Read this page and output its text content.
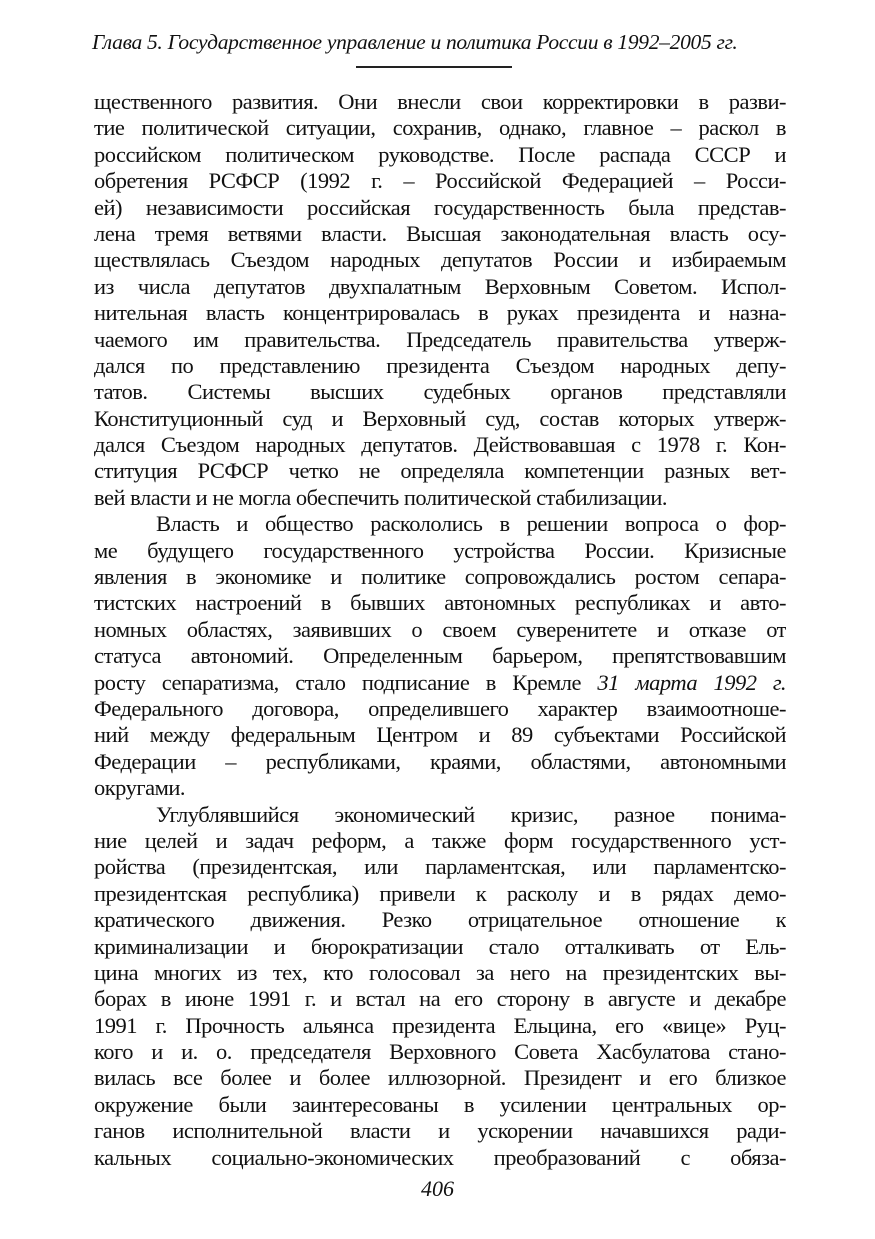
Глава 5. Государственное управление и политика России в 1992–2005 гг.
щественного развития. Они внесли свои корректировки в разви-
тие политической ситуации, сохранив, однако, главное – раскол в
российском политическом руководстве. После распада СССР и
обретения РСФСР (1992 г. – Российской Федерацией – Росси-
ей) независимости российская государственность была представ-
лена тремя ветвями власти. Высшая законодательная власть осу-
ществлялась Съездом народных депутатов России и избираемым
из числа депутатов двухпалатным Верховным Советом. Испол-
нительная власть концентрировалась в руках президента и назна-
чаемого им правительства. Председатель правительства утверж-
дался по представлению президента Съездом народных депу-
татов. Системы высших судебных органов представляли
Конституционный суд и Верховный суд, состав которых утверж-
дался Съездом народных депутатов. Действовавшая с 1978 г. Кон-
ституция РСФСР четко не определяла компетенции разных вет-
вей власти и не могла обеспечить политической стабилизации.
Власть и общество раскололись в решении вопроса о фор-
ме будущего государственного устройства России. Кризисные
явления в экономике и политике сопровождались ростом сепара-
тистских настроений в бывших автономных республиках и авто-
номных областях, заявивших о своем суверенитете и отказе от
статуса автономий. Определенным барьером, препятствовавшим
росту сепаратизма, стало подписание в Кремле 31 марта 1992 г.
Федерального договора, определившего характер взаимоотноше-
ний между федеральным Центром и 89 субъектами Российской
Федерации – республиками, краями, областями, автономными
округами.
Углублявшийся экономический кризис, разное понима-
ние целей и задач реформ, а также форм государственного уст-
ройства (президентская, или парламентская, или парламентско-
президентская республика) привели к расколу и в рядах демо-
кратического движения. Резко отрицательное отношение к
криминализации и бюрократизации стало отталкивать от Ель-
цина многих из тех, кто голосовал за него на президентских вы-
борах в июне 1991 г. и встал на его сторону в августе и декабре
1991 г. Прочность альянса президента Ельцина, его «вице» Руц-
кого и и. о. председателя Верховного Совета Хасбулатова стано-
вилась все более и более иллюзорной. Президент и его близкое
окружение были заинтересованы в усилении центральных ор-
ганов исполнительной власти и ускорении начавшихся ради-
кальных социально-экономических преобразований с обяза-
406
